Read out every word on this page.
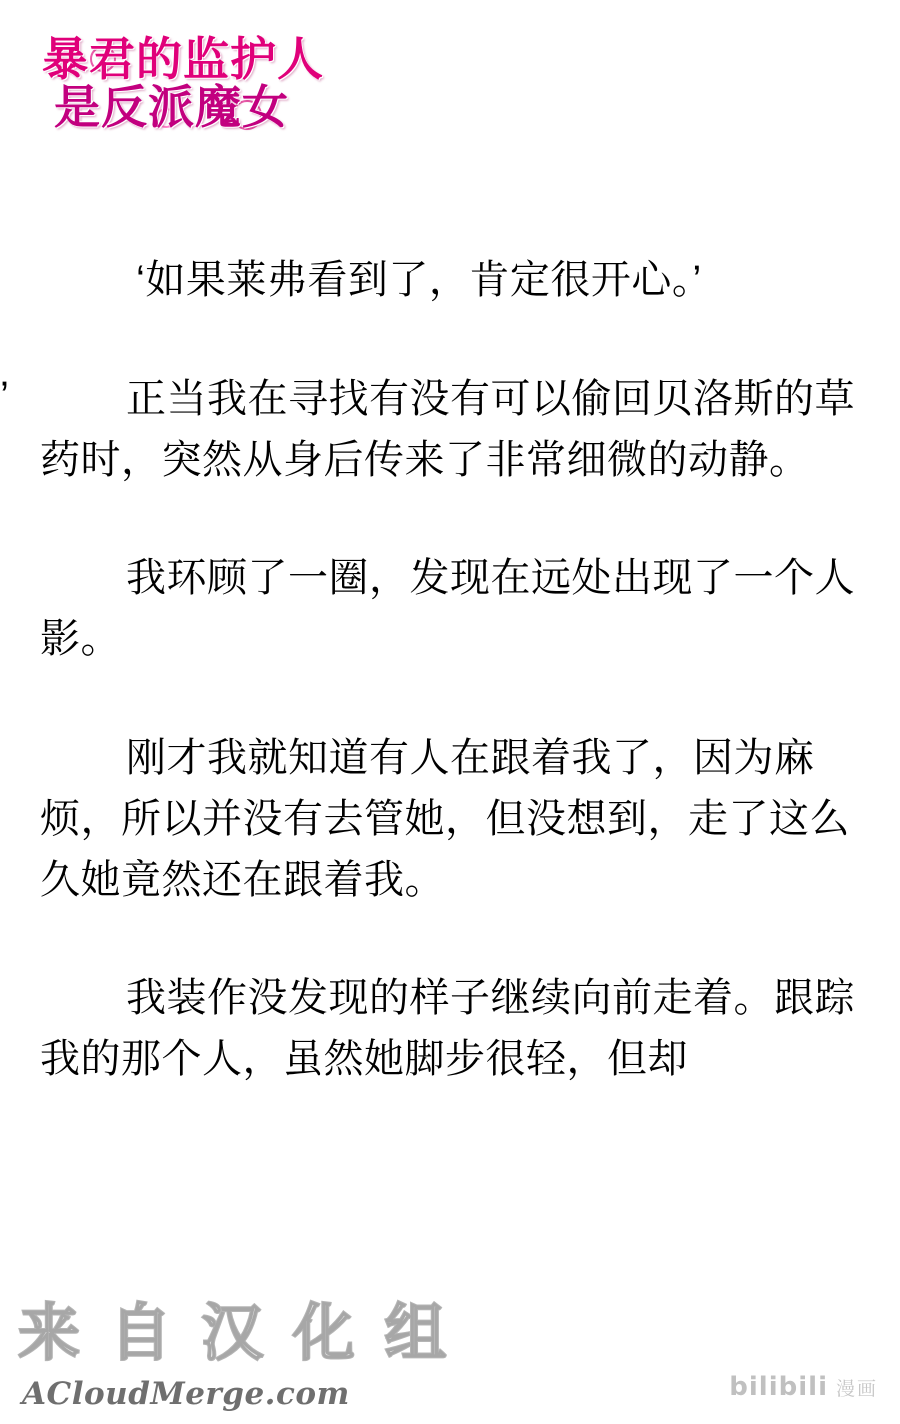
暴君的监护人
是反派魔女
’

‘如果莱弗看到了，肯定很开心。’

正当我在寻找有没有可以偷回贝洛斯的草药时，突然从身后传来了非常细微的动静。

我环顾了一圈，发现在远处出现了一个人影。

刚才我就知道有人在跟着我了，因为麻烦，所以并没有去管她，但没想到，走了这么久她竟然还在跟着我。

我装作没发现的样子继续向前走着。跟踪我的那个人，虽然她脚步很轻，但却

来 自 汉 化 组
ACloudMerge.com	bilibili 漫画
